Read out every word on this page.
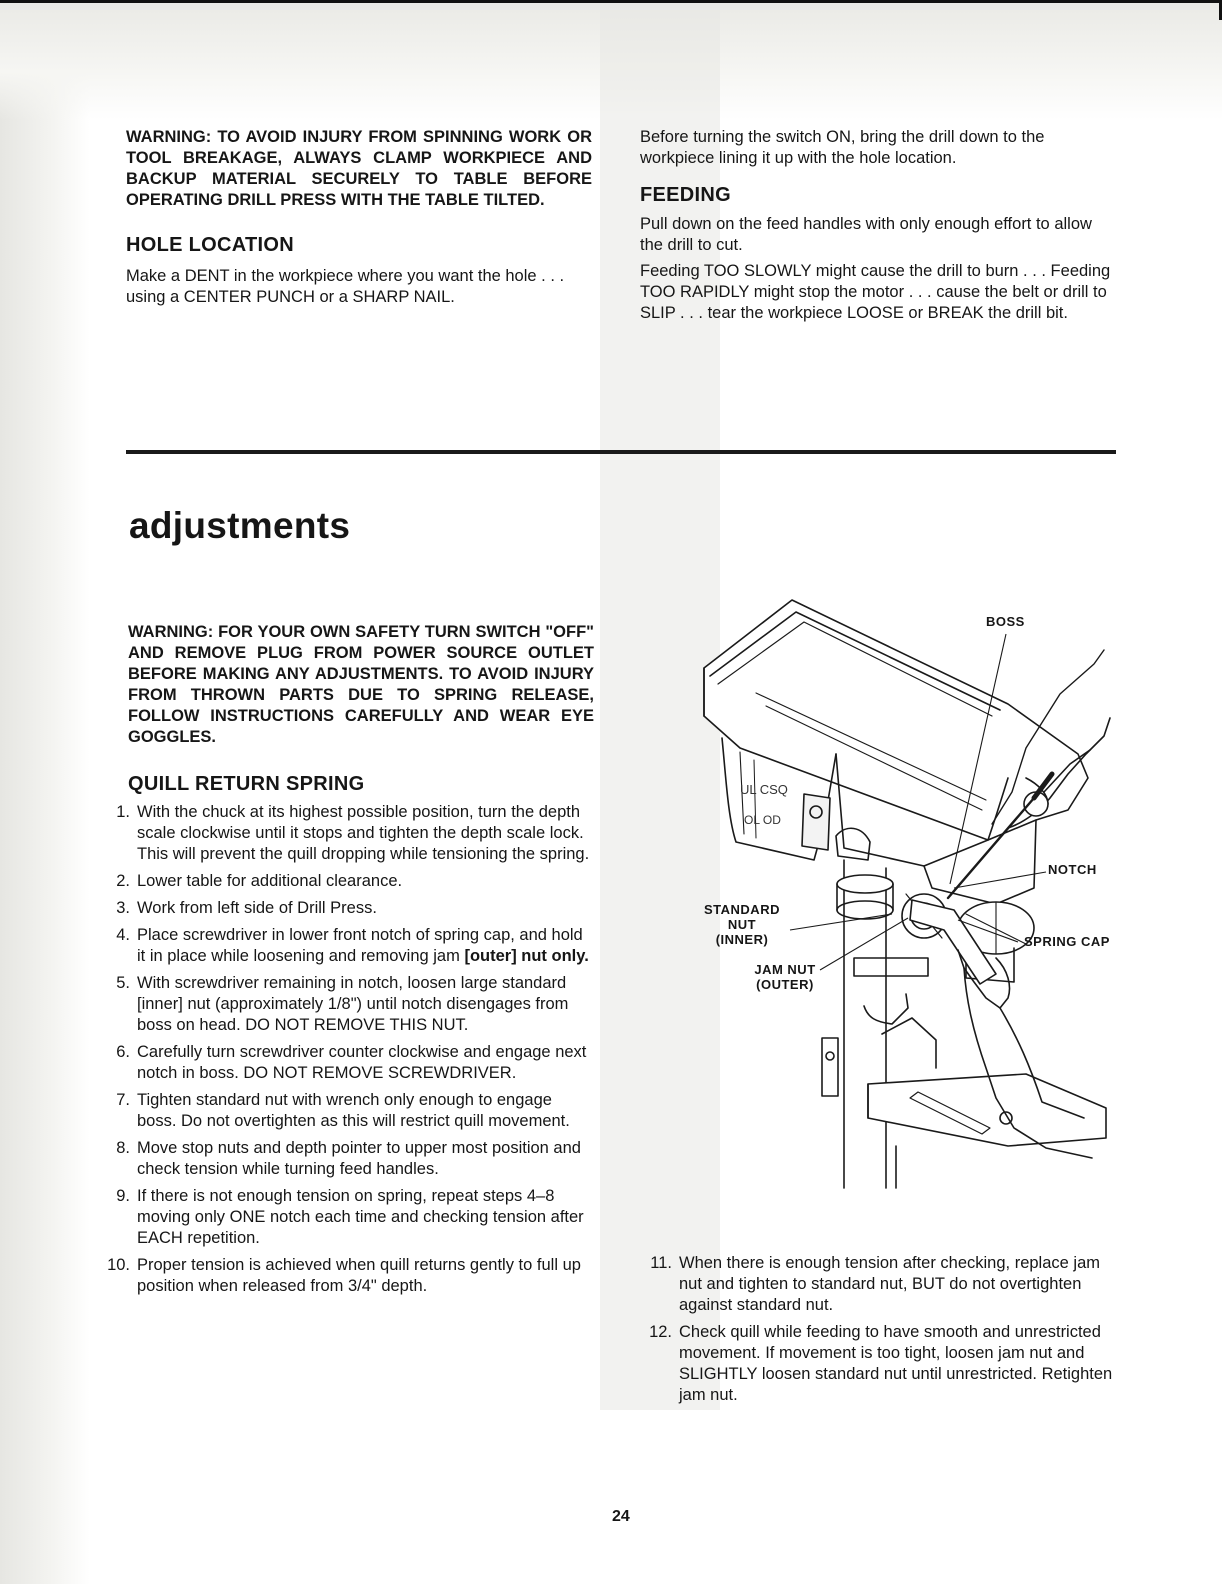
WARNING: TO AVOID INJURY FROM SPINNING WORK OR TOOL BREAKAGE, ALWAYS CLAMP WORKPIECE AND BACKUP MATERIAL SECURELY TO TABLE BEFORE OPERATING DRILL PRESS WITH THE TABLE TILTED.

HOLE LOCATION

Make a DENT in the workpiece where you want the hole . . . using a CENTER PUNCH or a SHARP NAIL.

Before turning the switch ON, bring the drill down to the workpiece lining it up with the hole location.

FEEDING

Pull down on the feed handles with only enough effort to allow the drill to cut.

Feeding TOO SLOWLY might cause the drill to burn . . . Feeding TOO RAPIDLY might stop the motor . . . cause the belt or drill to SLIP . . . tear the workpiece LOOSE or BREAK the drill bit.

adjustments

WARNING: FOR YOUR OWN SAFETY TURN SWITCH "OFF" AND REMOVE PLUG FROM POWER SOURCE OUTLET BEFORE MAKING ANY ADJUSTMENTS. TO AVOID INJURY FROM THROWN PARTS DUE TO SPRING RELEASE, FOLLOW INSTRUCTIONS CAREFULLY AND WEAR EYE GOGGLES.

QUILL RETURN SPRING
1. With the chuck at its highest possible position, turn the depth scale clockwise until it stops and tighten the depth scale lock. This will prevent the quill dropping while tensioning the spring.
2. Lower table for additional clearance.
3. Work from left side of Drill Press.
4. Place screwdriver in lower front notch of spring cap, and hold it in place while loosening and removing jam [outer] nut only.
5. With screwdriver remaining in notch, loosen large standard [inner] nut (approximately 1/8") until notch disengages from boss on head. DO NOT REMOVE THIS NUT.
6. Carefully turn screwdriver counter clockwise and engage next notch in boss. DO NOT REMOVE SCREWDRIVER.
7. Tighten standard nut with wrench only enough to engage boss. Do not overtighten as this will restrict quill movement.
8. Move stop nuts and depth pointer to upper most position and check tension while turning feed handles.
9. If there is not enough tension on spring, repeat steps 4–8 moving only ONE notch each time and checking tension after EACH repetition.
10. Proper tension is achieved when quill returns gently to full up position when released from 3/4" depth.
11. When there is enough tension after checking, replace jam nut and tighten to standard nut, BUT do not overtighten against standard nut.
12. Check quill while feeding to have smooth and unrestricted movement. If movement is too tight, loosen jam nut and SLIGHTLY loosen standard nut until unrestricted. Retighten jam nut.
UL CSQ
OL OD
BOSS
NOTCH
SPRING CAP
STANDARD
NUT
(INNER)
JAM NUT
(OUTER)
24
